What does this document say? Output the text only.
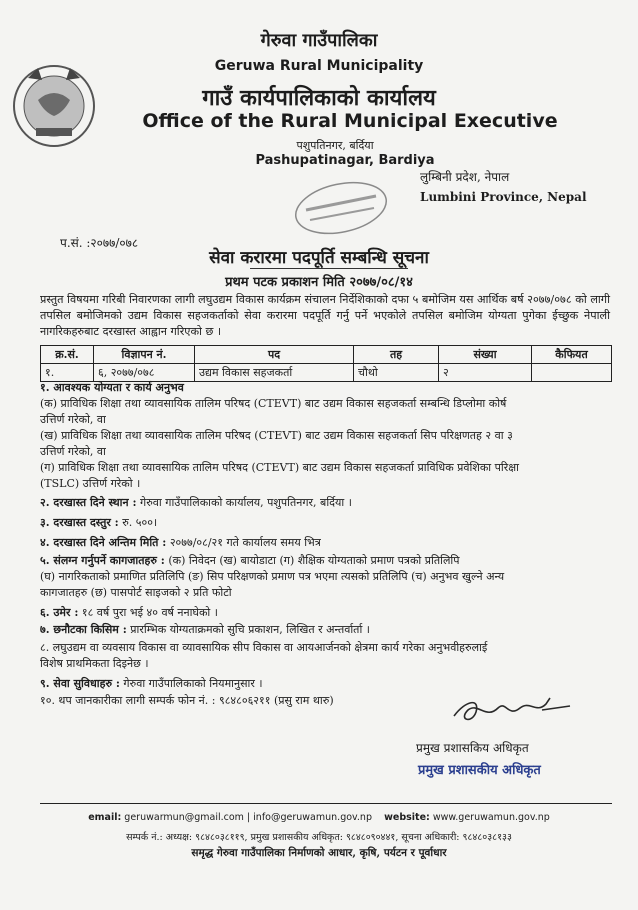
गेरुवा गाउँपालिका
Geruwa Rural Municipality
गाउँ कार्यपालिकाको कार्यालय
Office of the Rural Municipal Executive
पशुपतिनगर, बर्दिया
Pashupatinagar, Bardiya
लुम्बिनी प्रदेश, नेपाल
Lumbini Province, Nepal
प.सं. :२०७७/०७८
सेवा करारमा पदपूर्ति सम्बन्धि सूचना
प्रथम पटक प्रकाशन मिति २०७७/०८/१४
प्रस्तुत विषयमा गरिबी निवारणका लागी लघुउद्यम विकास कार्यक्रम संचालन निर्देशिकाको दफा ५ बमोजिम यस आर्थिक बर्ष २०७७/०७८ को लागी तपसिल बमोजिमको उद्यम विकास सहजकर्ताको सेवा करारमा पदपूर्ति गर्नु पर्ने भएकोले तपसिल बमोजिम योग्यता पुगेका ईच्छुक नेपाली नागरिकहरुबाट दरखास्त आह्वान गरिएको छ ।
क्र.सं.	विज्ञापन नं.	पद	तह	संख्या	कैफियत
१.	६, २०७७/०७८	उद्यम विकास सहजकर्ता	चौथो	२	

१. आवश्यक योग्यता र कार्य अनुभव

(क) प्राविधिक शिक्षा तथा व्यावसायिक तालिम परिषद (CTEVT) बाट उद्यम विकास सहजकर्ता सम्बन्धि डिप्लोमा कोर्ष

उत्तिर्ण गरेको, वा

(ख) प्राविधिक शिक्षा तथा व्यावसायिक तालिम परिषद (CTEVT) बाट उद्यम विकास सहजकर्ता सिप परिक्षणतह २ वा ३

उत्तिर्ण गरेको, वा

(ग) प्राविधिक शिक्षा तथा व्यावसायिक तालिम परिषद (CTEVT) बाट उद्यम विकास सहजकर्ता प्राविधिक प्रवेशिका परिक्षा

(TSLC) उत्तिर्ण गरेको ।

२. दरखास्त दिने स्थान : गेरुवा गाउँपालिकाको कार्यालय, पशुपतिनगर, बर्दिया ।
३. दरखास्त दस्तुर : रु. ५००।
४. दरखास्त दिने अन्तिम मिति : २०७७/०८/२१ गते कार्यालय समय भित्र

५. संलग्न गर्नुपर्ने कागजातहरु : (क) निवेदन (ख) बायोडाटा (ग) शैक्षिक योग्यताको प्रमाण पत्रको प्रतिलिपि

(घ) नागरिकताको प्रमाणित प्रतिलिपि (ङ) सिप परिक्षणको प्रमाण पत्र भएमा त्यसको प्रतिलिपि (च) अनुभव खुल्ने अन्य

कागजातहरु (छ) पासपोर्ट साइजको २ प्रति फोटो

६. उमेर : १८ वर्ष पुरा भई ४० वर्ष ननाघेको ।
७. छनौटका किसिम : प्रारम्भिक योग्यताक्रमको सुचि प्रकाशन, लिखित र अन्तर्वार्ता ।

८. लघुउद्यम वा व्यवसाय विकास वा व्यावसायिक सीप विकास वा आयआर्जनको क्षेत्रमा कार्य गरेका अनुभवीहरुलाई

विशेष प्राथमिकता दिइनेछ ।

९. सेवा सुविधाहरु : गेरुवा गाउँपालिकाको नियमानुसार ।
१०. थप जानकारीका लागी सम्पर्क फोन नं. : ९८४८०६२११ (प्रसु राम थारु)
प्रमुख प्रशासकिय अधिकृत
प्रमुख प्रशासकीय अधिकृत
email: geruwarmun@gmail.com | info@geruwamun.gov.np website: www.geruwamun.gov.np
सम्पर्क नं.: अध्यक्ष: ९८४८०३८११९, प्रमुख प्रशासकीय अधिकृत: ९८४८०९०४४१, सूचना अधिकारी: ९८४८०३८१३३
समृद्ध गेरुवा गाउँपालिका निर्माणको आधार, कृषि, पर्यटन र पूर्वाधार
